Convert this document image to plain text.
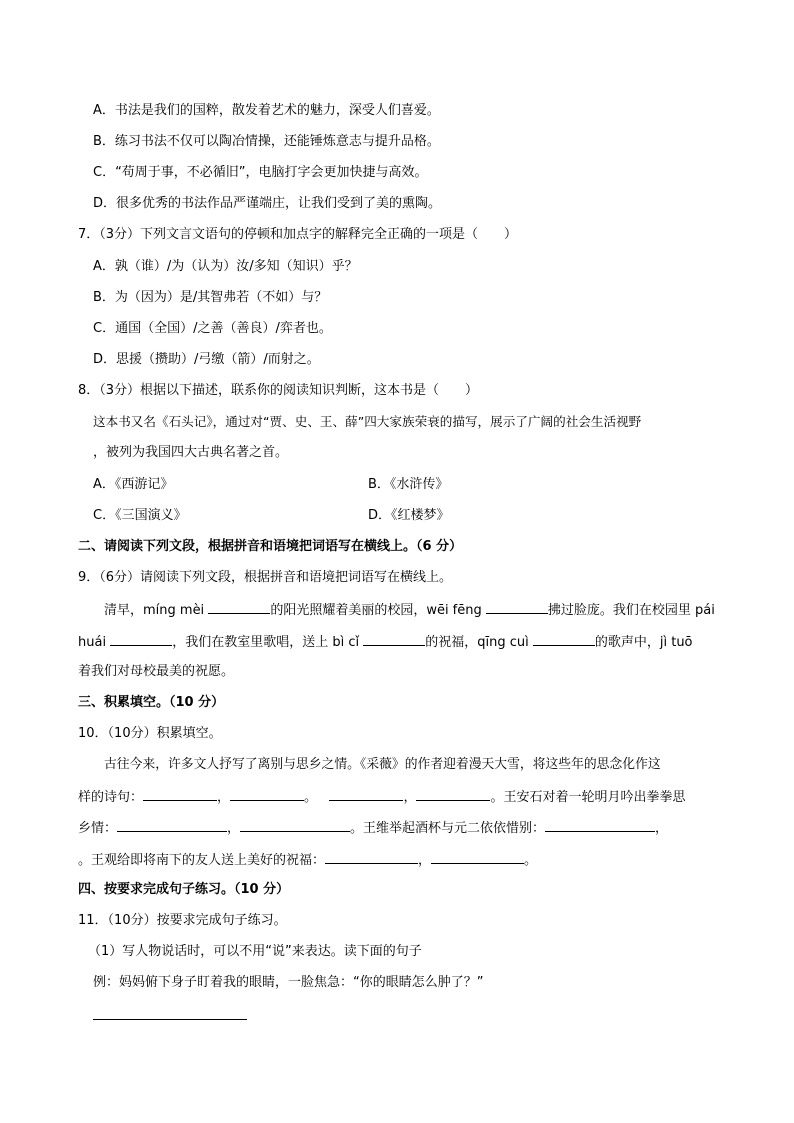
A．书法是我们的国粹，散发着艺术的魅力，深受人们喜爱。
B．练习书法不仅可以陶冶情操，还能锤炼意志与提升品格。
C．“苟周于事，不必循旧”，电脑打字会更加快捷与高效。
D．很多优秀的书法作品严谨端庄，让我们受到了美的熏陶。
7．（3分）下列文言文语句的停顿和加点字的解释完全正确的一项是（　　）
A．孰（谁）/为（认为）汝/多知（知识）乎？
B．为（因为）是/其智弗若（不如）与？
C．通国（全国）/之善（善良）/弈者也。
D．思援（攒助）/弓缴（箭）/而射之。
8．（3分）根据以下描述，联系你的阅读知识判断，这本书是（　　）
这本书又名《石头记》，通过对“贾、史、王、薛”四大家族荣衰的描写，展示了广阔的社会生活视野
，被列为我国四大古典名著之首。
A．《西游记》	B．《水浒传》
C．《三国演义》	D．《红楼梦》
二、请阅读下列文段，根据拼音和语境把词语写在横线上。（6 分）
9．（6分）请阅读下列文段，根据拼音和语境把词语写在横线上。
清早，míng mèi	的阳光照耀着美丽的校园，wēi fēng	拂过脸庞。我们在校园里 pái
huái	，我们在教室里歌唱，送上 bì cǐ	的祝福，qīng cuì	的歌声中，jì tuō
着我们对母校最美的祝愿。
三、积累填空。（10 分）
10．（10分）积累填空。
古往今来，许多文人抒写了离别与思乡之情。《采薇》的作者迎着漫天大雪，将这些年的思念化作这
样的诗句：	，	。	，	。王安石对着一轮明月吟出拳拳思
乡情：	，	。王维举起酒杯与元二依依惜别：	，
。王观给即将南下的友人送上美好的祝福：	，	。
四、按要求完成句子练习。（10 分）
11．（10分）按要求完成句子练习。
（1）写人物说话时，可以不用“说”来表达。读下面的句子
例：妈妈俯下身子盯着我的眼睛，一脸焦急：“你的眼睛怎么肿了？”
